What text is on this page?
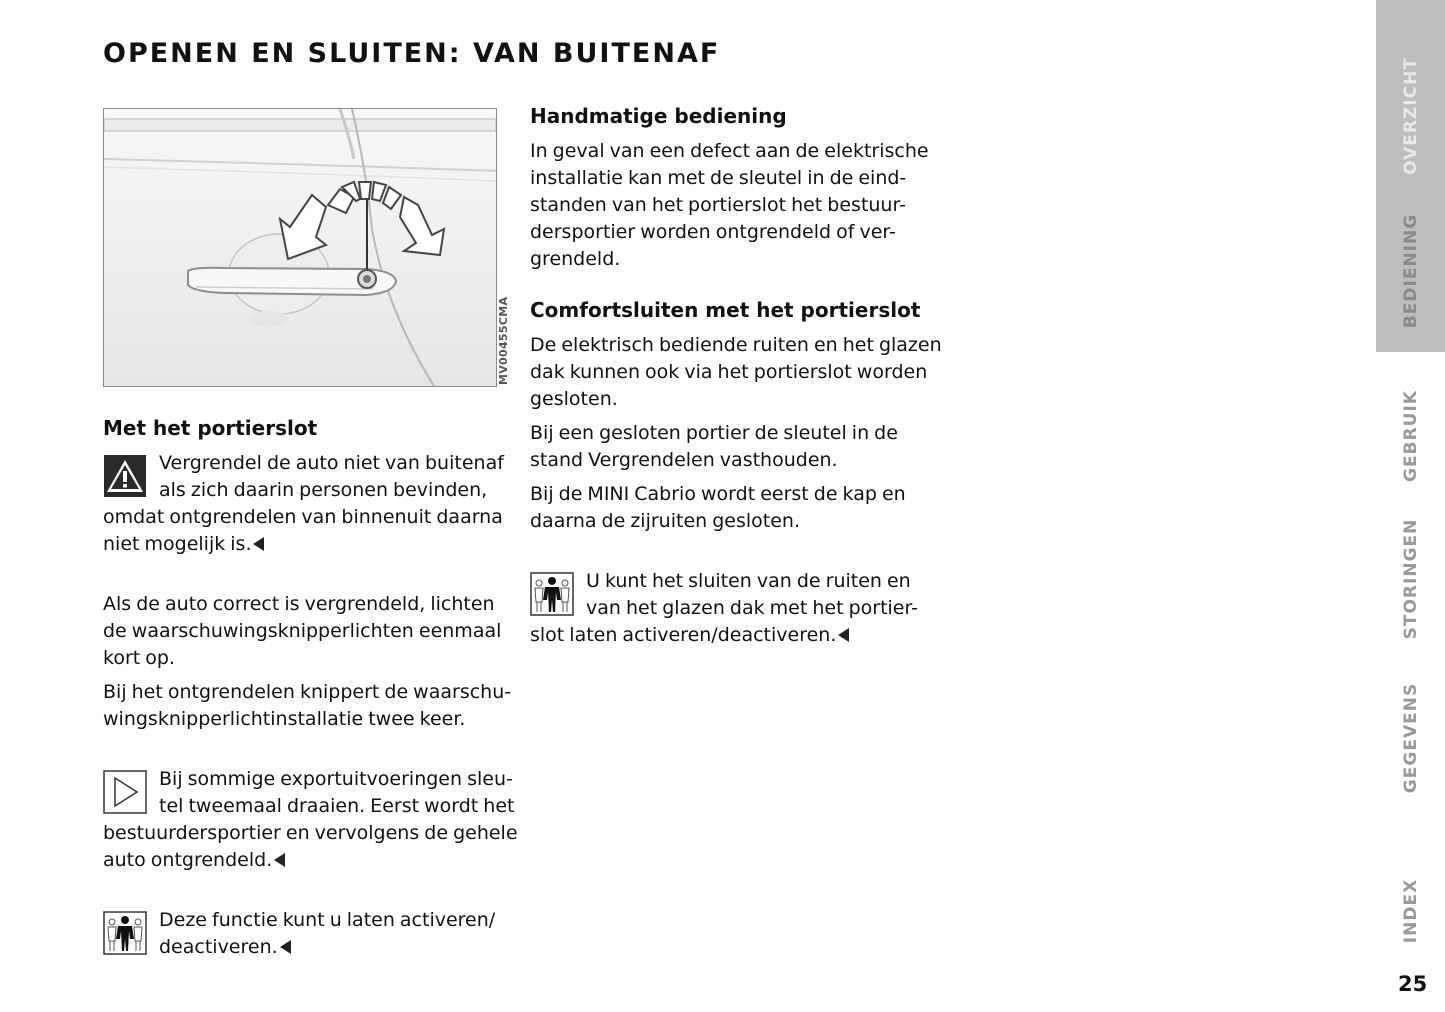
OPENEN EN SLUITEN: VAN BUITENAF
MV00455CMA
Met het portierslot

Vergrendel de auto niet van buitenaf als zich daarin personen bevinden, omdat ontgrendelen van binnenuit daarna niet mogelijk is.

Als de auto correct is vergrendeld, lichten de waarschuwingsknipperlichten eenmaal kort op.

Bij het ontgrendelen knippert de waarschu-wingsknipperlichtinstallatie twee keer.

Bij sommige exportuitvoeringen sleu-tel tweemaal draaien. Eerst wordt het bestuurdersportier en vervolgens de gehele auto ontgrendeld.

Deze functie kunt u laten activeren/ deactiveren.

Handmatige bediening

In geval van een defect aan de elektrische installatie kan met de sleutel in de eind-standen van het portierslot het bestuur-dersportier worden ontgrendeld of ver-grendeld.

Comfortsluiten met het portierslot

De elektrisch bediende ruiten en het glazen dak kunnen ook via het portierslot worden gesloten.

Bij een gesloten portier de sleutel in de stand Vergrendelen vasthouden.

Bij de MINI Cabrio wordt eerst de kap en daarna de zijruiten gesloten.

U kunt het sluiten van de ruiten en van het glazen dak met het portier-slot laten activeren/deactiveren.

OVERZICHT
BEDIENING
GEBRUIK
STORINGEN
GEGEVENS
INDEX
25
